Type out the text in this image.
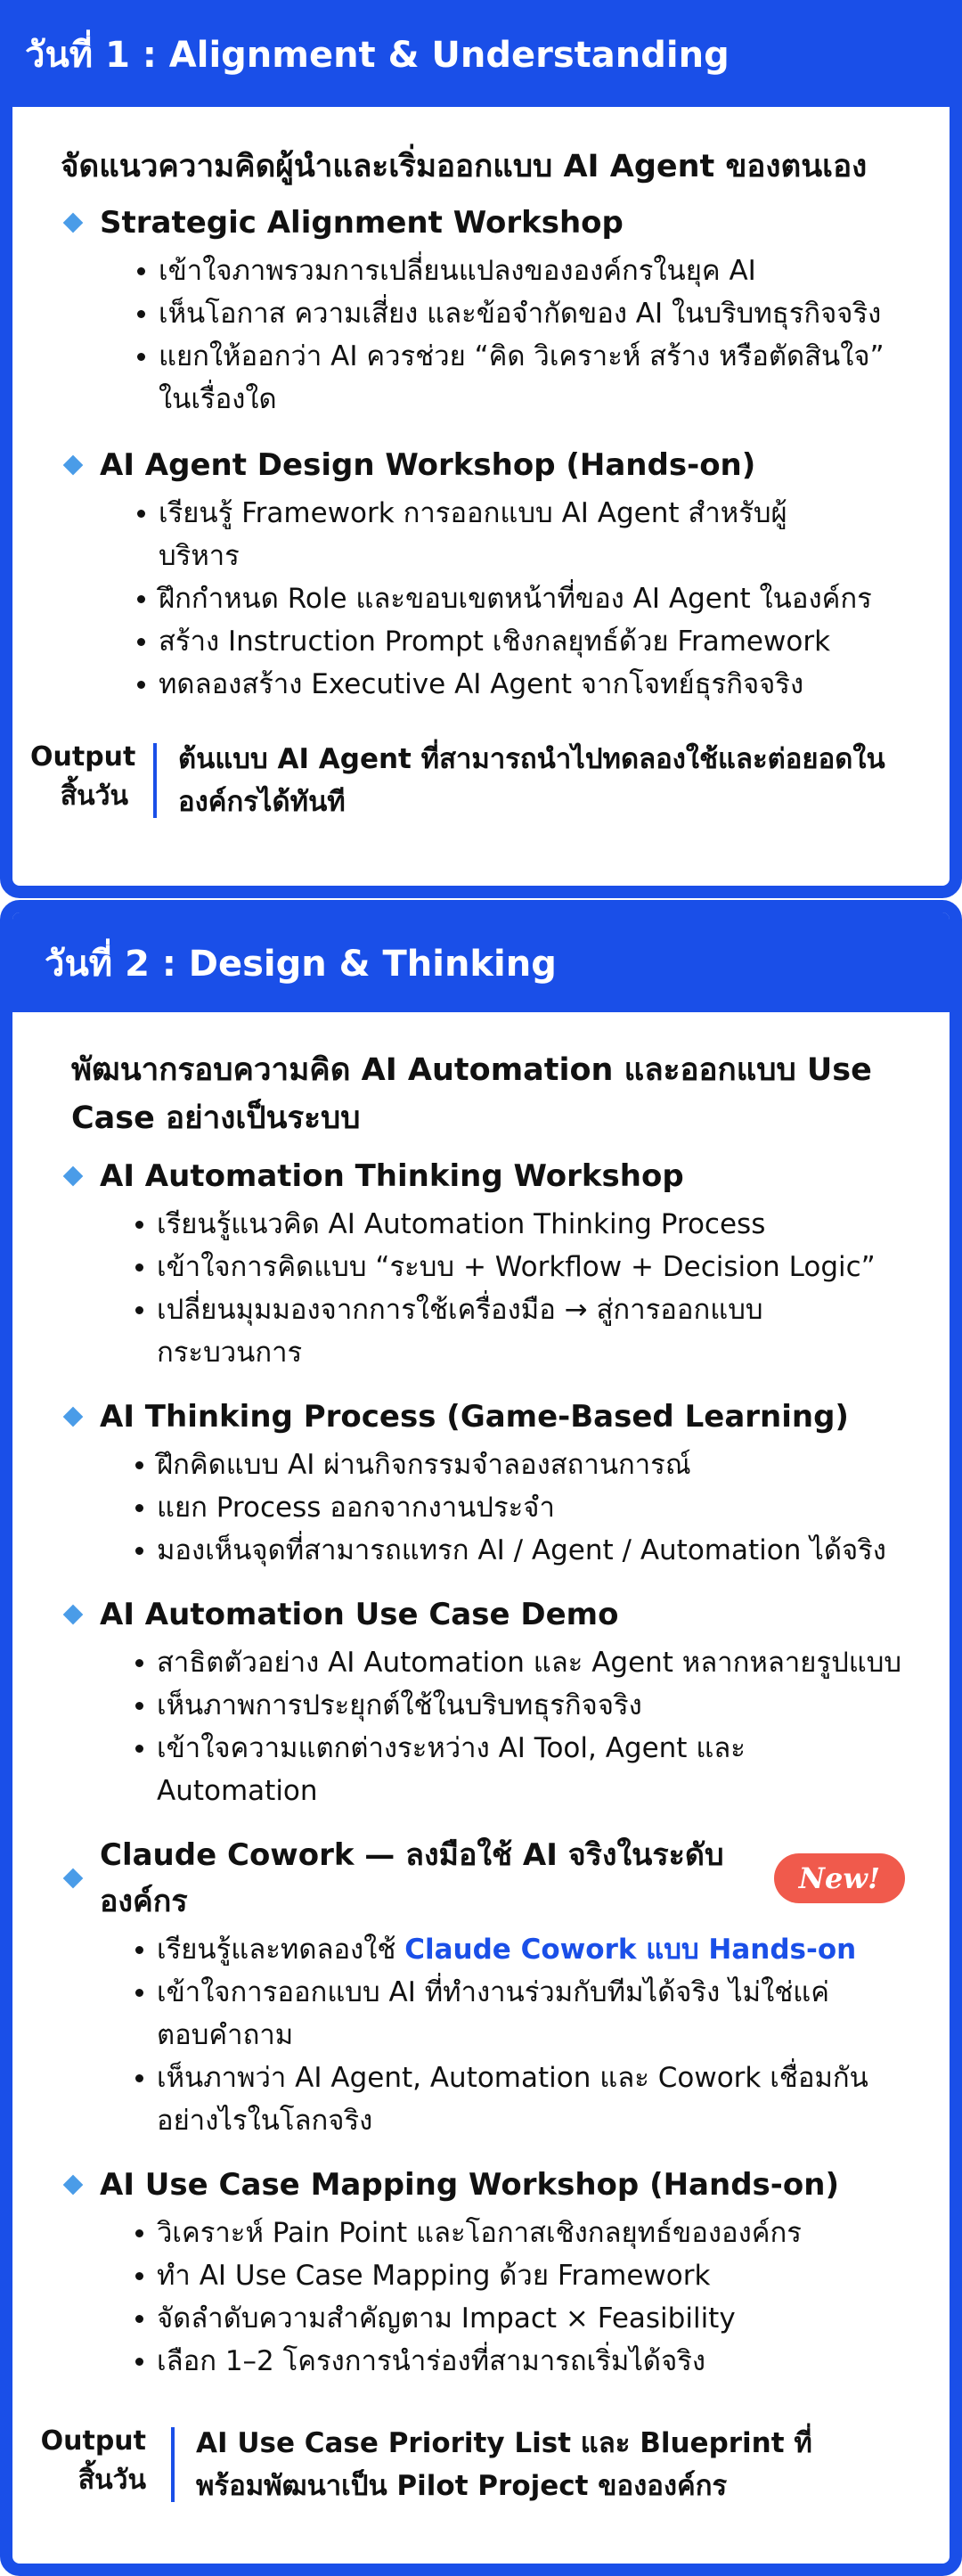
วันที่ 1 : Alignment & Understanding

จัดแนวความคิดผู้นำและเริ่มออกแบบ AI Agent ของตนเอง

Strategic Alignment Workshop
เข้าใจภาพรวมการเปลี่ยนแปลงขององค์กรในยุค AI
เห็นโอกาส ความเสี่ยง และข้อจำกัดของ AI ในบริบทธุรกิจจริง
แยกให้ออกว่า AI ควรช่วย “คิด วิเคราะห์ สร้าง หรือตัดสินใจ” ในเรื่องใด
AI Agent Design Workshop (Hands-on)
เรียนรู้ Framework การออกแบบ AI Agent สำหรับผู้บริหาร
ฝึกกำหนด Role และขอบเขตหน้าที่ของ AI Agent ในองค์กร
สร้าง Instruction Prompt เชิงกลยุทธ์ด้วย Framework
ทดลองสร้าง Executive AI Agent จากโจทย์ธุรกิจจริง
Output
สิ้นวัน
ต้นแบบ AI Agent ที่สามารถนำไปทดลองใช้และต่อยอดในองค์กรได้ทันที
วันที่ 2 : Design & Thinking

พัฒนากรอบความคิด AI Automation และออกแบบ Use Case อย่างเป็นระบบ

AI Automation Thinking Workshop
เรียนรู้แนวคิด AI Automation Thinking Process
เข้าใจการคิดแบบ “ระบบ + Workflow + Decision Logic”
เปลี่ยนมุมมองจากการใช้เครื่องมือ → สู่การออกแบบกระบวนการ
AI Thinking Process (Game-Based Learning)
ฝึกคิดแบบ AI ผ่านกิจกรรมจำลองสถานการณ์
แยก Process ออกจากงานประจำ
มองเห็นจุดที่สามารถแทรก AI / Agent / Automation ได้จริง
AI Automation Use Case Demo
สาธิตตัวอย่าง AI Automation และ Agent หลากหลายรูปแบบ
เห็นภาพการประยุกต์ใช้ในบริบทธุรกิจจริง
เข้าใจความแตกต่างระหว่าง AI Tool, Agent และ Automation
Claude Cowork — ลงมือใช้ AI จริงในระดับองค์กร
New!
เรียนรู้และทดลองใช้ Claude Cowork แบบ Hands-on
เข้าใจการออกแบบ AI ที่ทำงานร่วมกับทีมได้จริง ไม่ใช่แค่ตอบคำถาม
เห็นภาพว่า AI Agent, Automation และ Cowork เชื่อมกันอย่างไรในโลกจริง
AI Use Case Mapping Workshop (Hands-on)
วิเคราะห์ Pain Point และโอกาสเชิงกลยุทธ์ขององค์กร
ทำ AI Use Case Mapping ด้วย Framework
จัดลำดับความสำคัญตาม Impact × Feasibility
เลือก 1–2 โครงการนำร่องที่สามารถเริ่มได้จริง
Output
สิ้นวัน
AI Use Case Priority List และ Blueprint ที่พร้อมพัฒนาเป็น Pilot Project ขององค์กร
